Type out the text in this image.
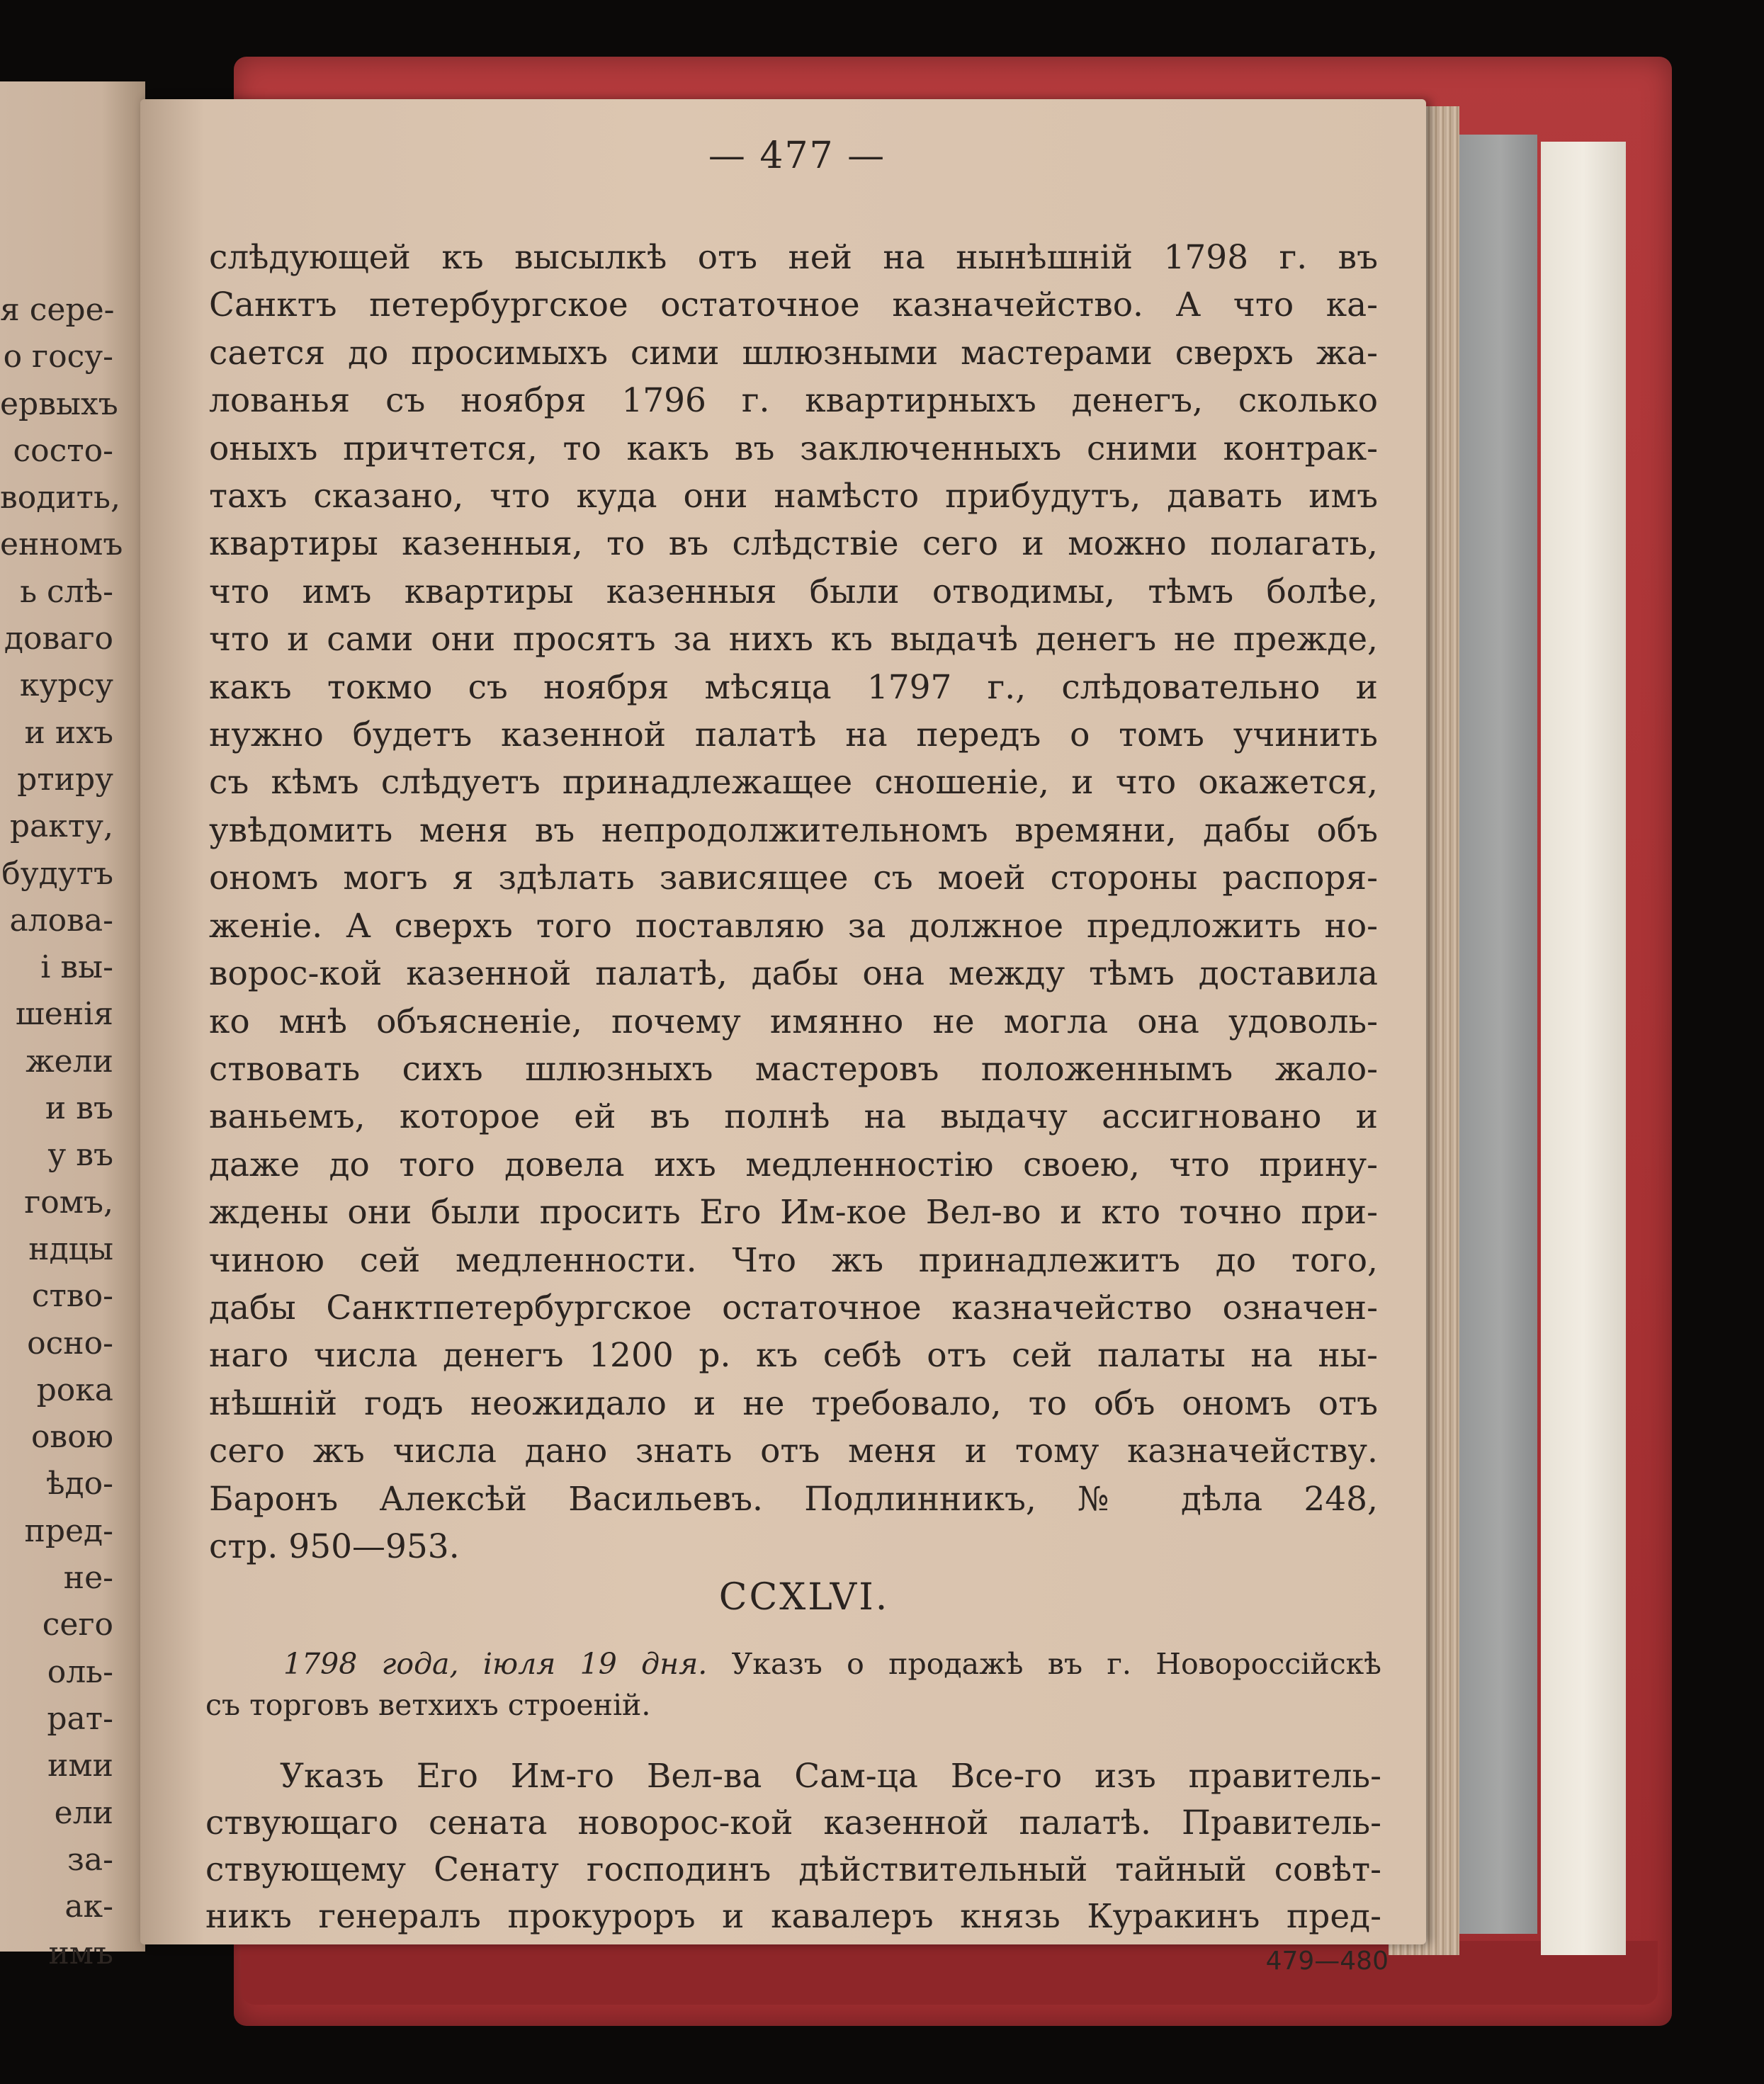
я сере-
о госу-
ервыхъ
состо-
водить,
енномъ
ь слѣ-
доваго
курсу
и ихъ
ртиру
ракту,
будутъ
алова-
і вы-
шенія
жели
и въ
у въ
гомъ,
ндцы
ство-
осно-
рока
овою
ѣдо-
пред-
не-
сего
оль-
рат-
ими
ели
за-
ак-
имъ
— 477 —
слѣдующей къ высылкѣ отъ ней на нынѣшній 1798 г. въ
Санктъ петербургское остаточное казначейство. А что ка-
сается до просимыхъ сими шлюзными мастерами сверхъ жа-
лованья съ ноября 1796 г. квартирныхъ денегъ, сколько
оныхъ причтется, то какъ въ заключенныхъ сними контрак-
тахъ сказано, что куда они намѣсто прибудутъ, давать имъ
квартиры казенныя, то въ слѣдствіе сего и можно полагать,
что имъ квартиры казенныя были отводимы, тѣмъ болѣе,
что и сами они просятъ за нихъ къ выдачѣ денегъ не прежде,
какъ токмо съ ноября мѣсяца 1797 г., слѣдовательно и
нужно будетъ казенной палатѣ на передъ о томъ учинить
съ кѣмъ слѣдуетъ принадлежащее сношеніе, и что окажется,
увѣдомить меня въ непродолжительномъ времяни, дабы объ
ономъ могъ я здѣлать зависящее съ моей стороны распоря-
женіе. А сверхъ того поставляю за должное предложить но-
ворос-кой казенной палатѣ, дабы она между тѣмъ доставила
ко мнѣ объясненіе, почему имянно не могла она удоволь-
ствовать сихъ шлюзныхъ мастеровъ положеннымъ жало-
ваньемъ, которое ей въ полнѣ на выдачу ассигновано и
даже до того довела ихъ медленностію своею, что прину-
ждены они были просить Его Им-кое Вел-во и кто точно при-
чиною сей медленности. Что жъ принадлежитъ до того,
дабы Санктпетербургское остаточное казначейство означен-
наго числа денегъ 1200 р. къ себѣ отъ сей палаты на ны-
нѣшній годъ неожидало и не требовало, то объ ономъ отъ
сего жъ числа дано знать отъ меня и тому казначейству.
Баронъ Алексѣй Васильевъ. Подлинникъ, № дѣла 248,
стр. 950—953.
CCXLVI.
1798 года, іюля 19 дня. Указъ о продажѣ въ г. Новороссійскѣ
съ торговъ ветхихъ строеній.
Указъ Его Им-го Вел-ва Сам-ца Все-го изъ правитель-
ствующаго сената новорос-кой казенной палатѣ. Правитель-
ствующему Сенату господинъ дѣйствительный тайный совѣт-
никъ генералъ прокуроръ и кавалеръ князь Куракинъ пред-
479—480
